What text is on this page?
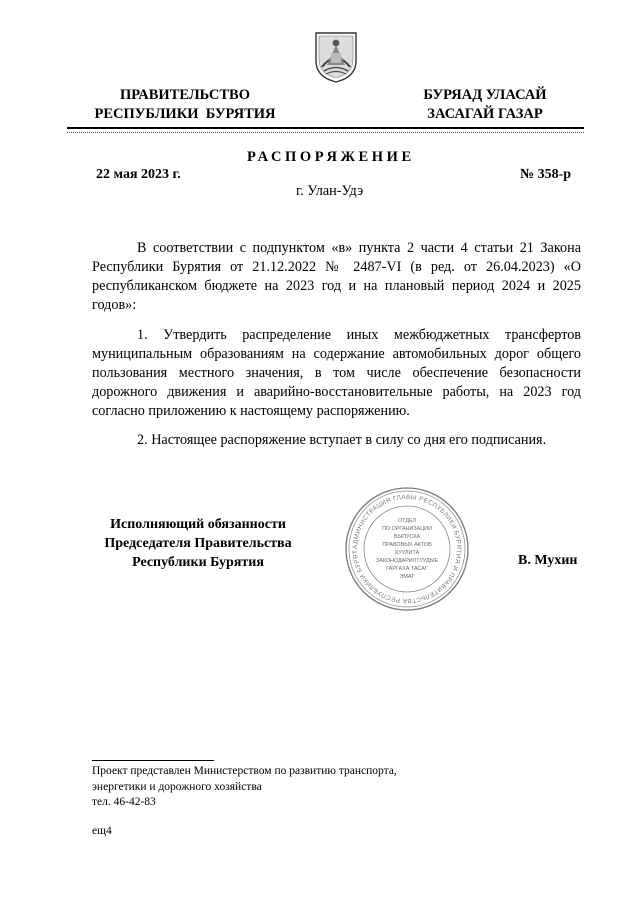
ПРАВИТЕЛЬСТВО
РЕСПУБЛИКИ  БУРЯТИЯ
БУРЯАД УЛАСАЙ
ЗАСАГАЙ ГАЗАР
РАСПОРЯЖЕНИЕ
22 мая 2023 г.	№ 358-р
г. Улан-Удэ
В соответствии с подпунктом «в» пункта 2 части 4 статьи 21 Закона Республики Бурятия от 21.12.2022 № 2487-VI (в ред. от 26.04.2023) «О республиканском бюджете на 2023 год и на плановый период 2024 и 2025 годов»:
1. Утвердить распределение иных межбюджетных трансфертов муниципальным образованиям на содержание автомобильных дорог общего пользования местного значения, в том числе обеспечение безопасности дорожного движения и аварийно-восстановительные работы, на 2023 год согласно приложению к настоящему распоряжению.
2. Настоящее распоряжение вступает в силу со дня его подписания.
Исполняющий обязанности
Председателя Правительства
Республики Бурятия	В. Мухин
АДМИНИСТРАЦИЯ ГЛАВЫ РЕСПУБЛИКИ БУРЯТИЯ И ПРАВИТЕЛЬСТВА РЕСПУБЛИКИ БУРЯТ
ОТДЕЛ
ПО ОРГАНИЗАЦИИ
ВЫПУСКА
ПРАВОВЫХ АКТОВ
ХУУЛИТА
ЗАКОНОДАРИЛТУУДЫЕ
ГАРГАХА ТАСАГ
ЭМАГ
Проект представлен Министерством по развитию транспорта,
энергетики и дорожного хозяйства
тел. 46-42-83
ещ4
